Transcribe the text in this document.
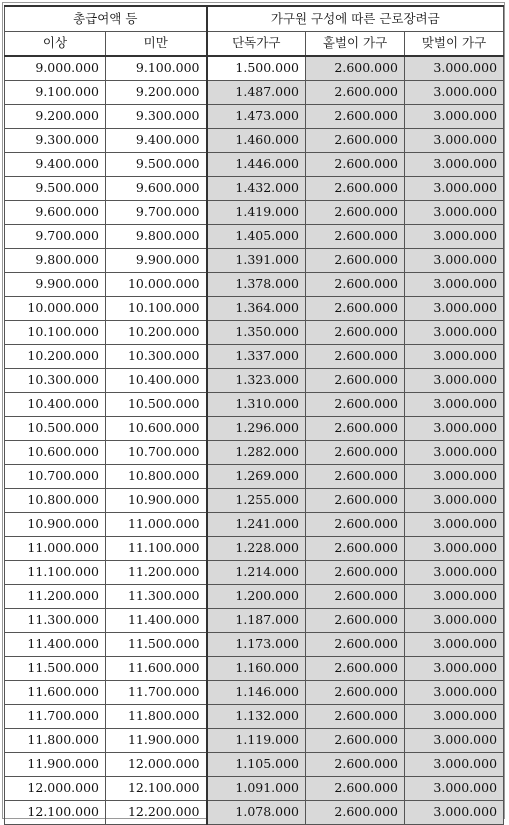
총급여액 등		가구원 구성에 따른 근로장려금		
이상	미만	단독가구	홑벌이 가구	맞벌이 가구
9.000.000	9.100.000	1.500.000	2.600.000	3.000.000
9.100.000	9.200.000	1.487.000	2.600.000	3.000.000
9.200.000	9.300.000	1.473.000	2.600.000	3.000.000
9.300.000	9.400.000	1.460.000	2.600.000	3.000.000
9.400.000	9.500.000	1.446.000	2.600.000	3.000.000
9.500.000	9.600.000	1.432.000	2.600.000	3.000.000
9.600.000	9.700.000	1.419.000	2.600.000	3.000.000
9.700.000	9.800.000	1.405.000	2.600.000	3.000.000
9.800.000	9.900.000	1.391.000	2.600.000	3.000.000
9.900.000	10.000.000	1.378.000	2.600.000	3.000.000
10.000.000	10.100.000	1.364.000	2.600.000	3.000.000
10.100.000	10.200.000	1.350.000	2.600.000	3.000.000
10.200.000	10.300.000	1.337.000	2.600.000	3.000.000
10.300.000	10.400.000	1.323.000	2.600.000	3.000.000
10.400.000	10.500.000	1.310.000	2.600.000	3.000.000
10.500.000	10.600.000	1.296.000	2.600.000	3.000.000
10.600.000	10.700.000	1.282.000	2.600.000	3.000.000
10.700.000	10.800.000	1.269.000	2.600.000	3.000.000
10.800.000	10.900.000	1.255.000	2.600.000	3.000.000
10.900.000	11.000.000	1.241.000	2.600.000	3.000.000
11.000.000	11.100.000	1.228.000	2.600.000	3.000.000
11.100.000	11.200.000	1.214.000	2.600.000	3.000.000
11.200.000	11.300.000	1.200.000	2.600.000	3.000.000
11.300.000	11.400.000	1.187.000	2.600.000	3.000.000
11.400.000	11.500.000	1.173.000	2.600.000	3.000.000
11.500.000	11.600.000	1.160.000	2.600.000	3.000.000
11.600.000	11.700.000	1.146.000	2.600.000	3.000.000
11.700.000	11.800.000	1.132.000	2.600.000	3.000.000
11.800.000	11.900.000	1.119.000	2.600.000	3.000.000
11.900.000	12.000.000	1.105.000	2.600.000	3.000.000
12.000.000	12.100.000	1.091.000	2.600.000	3.000.000
12.100.000	12.200.000	1.078.000	2.600.000	3.000.000
